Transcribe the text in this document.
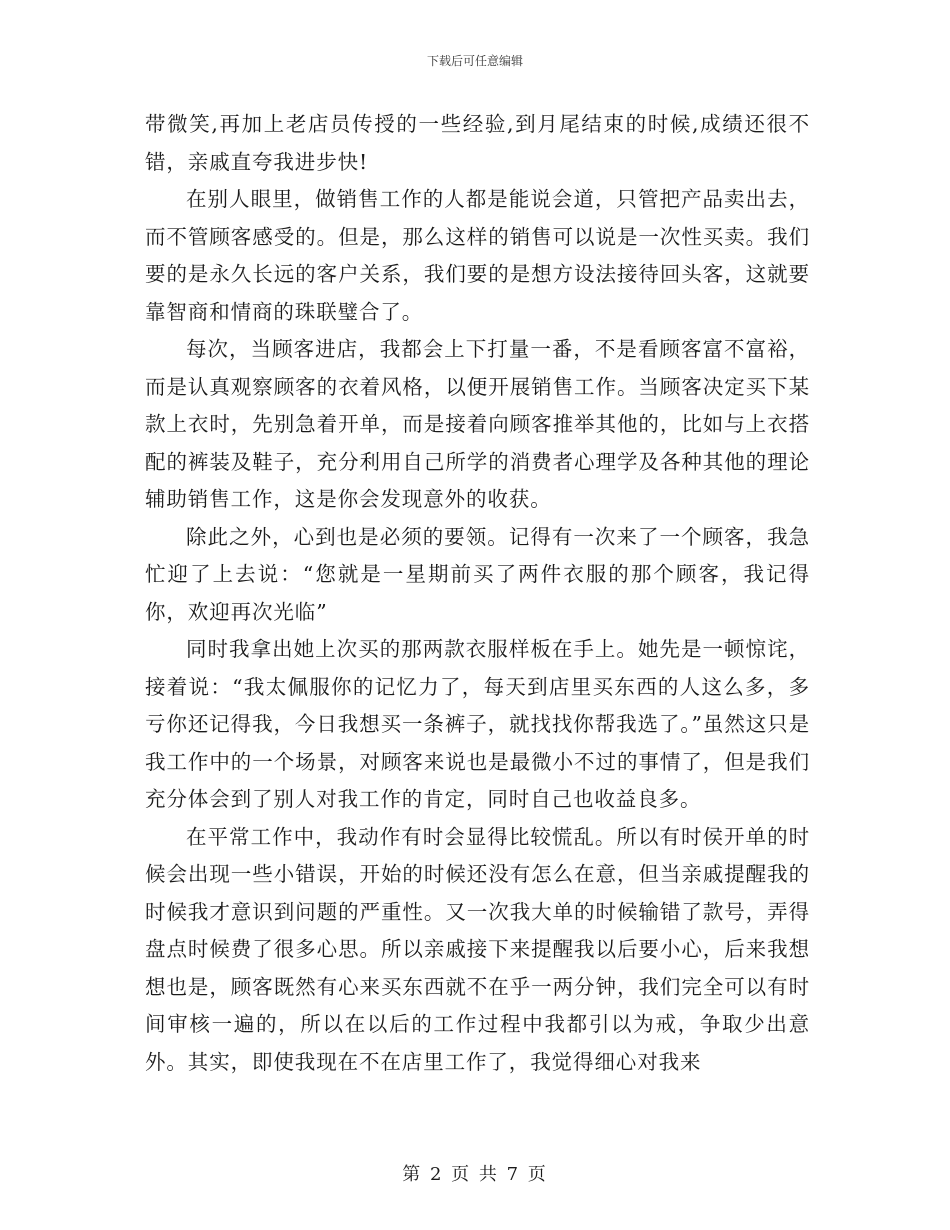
下载后可任意编辑

带微笑,再加上老店员传授的一些经验,到月尾结束的时候,成绩还很不错，亲戚直夸我进步快!

在别人眼里，做销售工作的人都是能说会道，只管把产品卖出去，而不管顾客感受的。但是，那么这样的销售可以说是一次性买卖。我们要的是永久长远的客户关系，我们要的是想方设法接待回头客，这就要靠智商和情商的珠联璧合了。

每次，当顾客进店，我都会上下打量一番，不是看顾客富不富裕，而是认真观察顾客的衣着风格，以便开展销售工作。当顾客决定买下某款上衣时，先别急着开单，而是接着向顾客推举其他的，比如与上衣搭配的裤装及鞋子，充分利用自己所学的消费者心理学及各种其他的理论辅助销售工作，这是你会发现意外的收获。

除此之外，心到也是必须的要领。记得有一次来了一个顾客，我急忙迎了上去说：“您就是一星期前买了两件衣服的那个顾客，我记得你，欢迎再次光临”

同时我拿出她上次买的那两款衣服样板在手上。她先是一顿惊诧，接着说：“我太佩服你的记忆力了，每天到店里买东西的人这么多，多亏你还记得我，今日我想买一条裤子，就找找你帮我选了。”虽然这只是我工作中的一个场景，对顾客来说也是最微小不过的事情了，但是我们充分体会到了别人对我工作的肯定，同时自己也收益良多。

在平常工作中，我动作有时会显得比较慌乱。所以有时侯开单的时候会出现一些小错误，开始的时候还没有怎么在意，但当亲戚提醒我的时候我才意识到问题的严重性。又一次我大单的时候输错了款号，弄得盘点时候费了很多心思。所以亲戚接下来提醒我以后要小心，后来我想想也是，顾客既然有心来买东西就不在乎一两分钟，我们完全可以有时间审核一遍的，所以在以后的工作过程中我都引以为戒，争取少出意外。其实，即使我现在不在店里工作了，我觉得细心对我来

第 2 页 共 7 页
